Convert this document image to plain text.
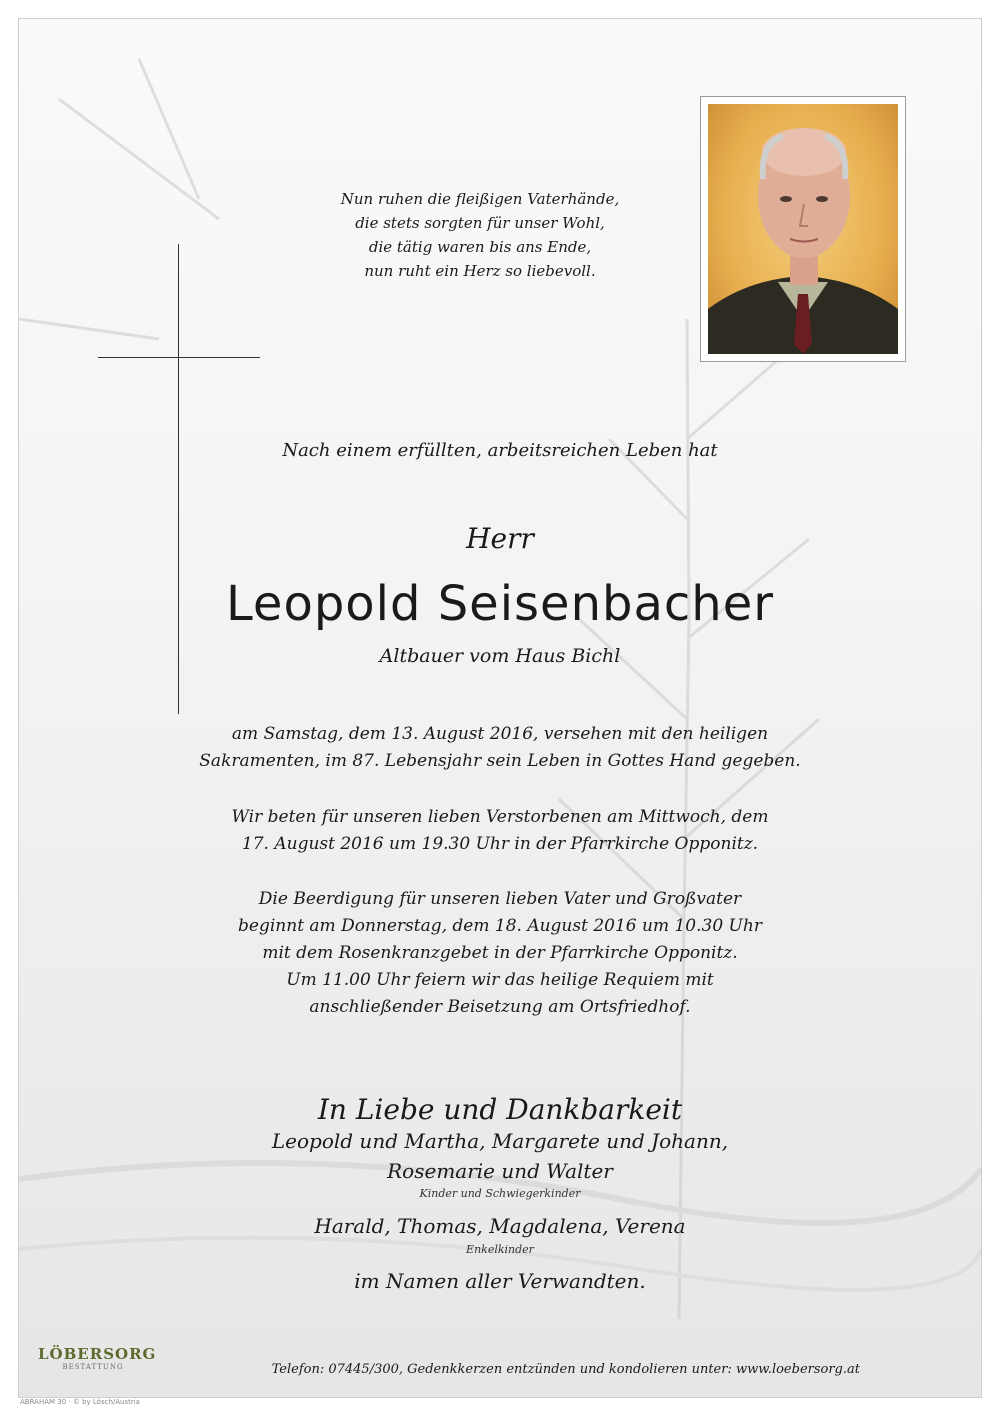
Nun ruhen die fleißigen Vaterhände,
die stets sorgten für unser Wohl,
die tätig waren bis ans Ende,
nun ruht ein Herz so liebevoll.
Nach einem erfüllten, arbeitsreichen Leben hat
Herr
Leopold Seisenbacher
Altbauer vom Haus Bichl
am Samstag, dem 13. August 2016, versehen mit den heiligen
Sakramenten, im 87. Lebensjahr sein Leben in Gottes Hand gegeben.
Wir beten für unseren lieben Verstorbenen am Mittwoch, dem
17. August 2016 um 19.30 Uhr in der Pfarrkirche Opponitz.
Die Beerdigung für unseren lieben Vater und Großvater
beginnt am Donnerstag, dem 18. August 2016 um 10.30 Uhr
mit dem Rosenkranzgebet in der Pfarrkirche Opponitz.
Um 11.00 Uhr feiern wir das heilige Requiem mit
anschließender Beisetzung am Ortsfriedhof.
In Liebe und Dankbarkeit
Leopold und Martha, Margarete und Johann,
Rosemarie und Walter
Kinder und Schwiegerkinder
Harald, Thomas, Magdalena, Verena
Enkelkinder
im Namen aller Verwandten.
LÖBERSORG
BESTATTUNG	Telefon: 07445/300, Gedenkkerzen entzünden und kondolieren unter: www.loebersorg.at
ABRAHAM 30 · © by Lösch/Austria
